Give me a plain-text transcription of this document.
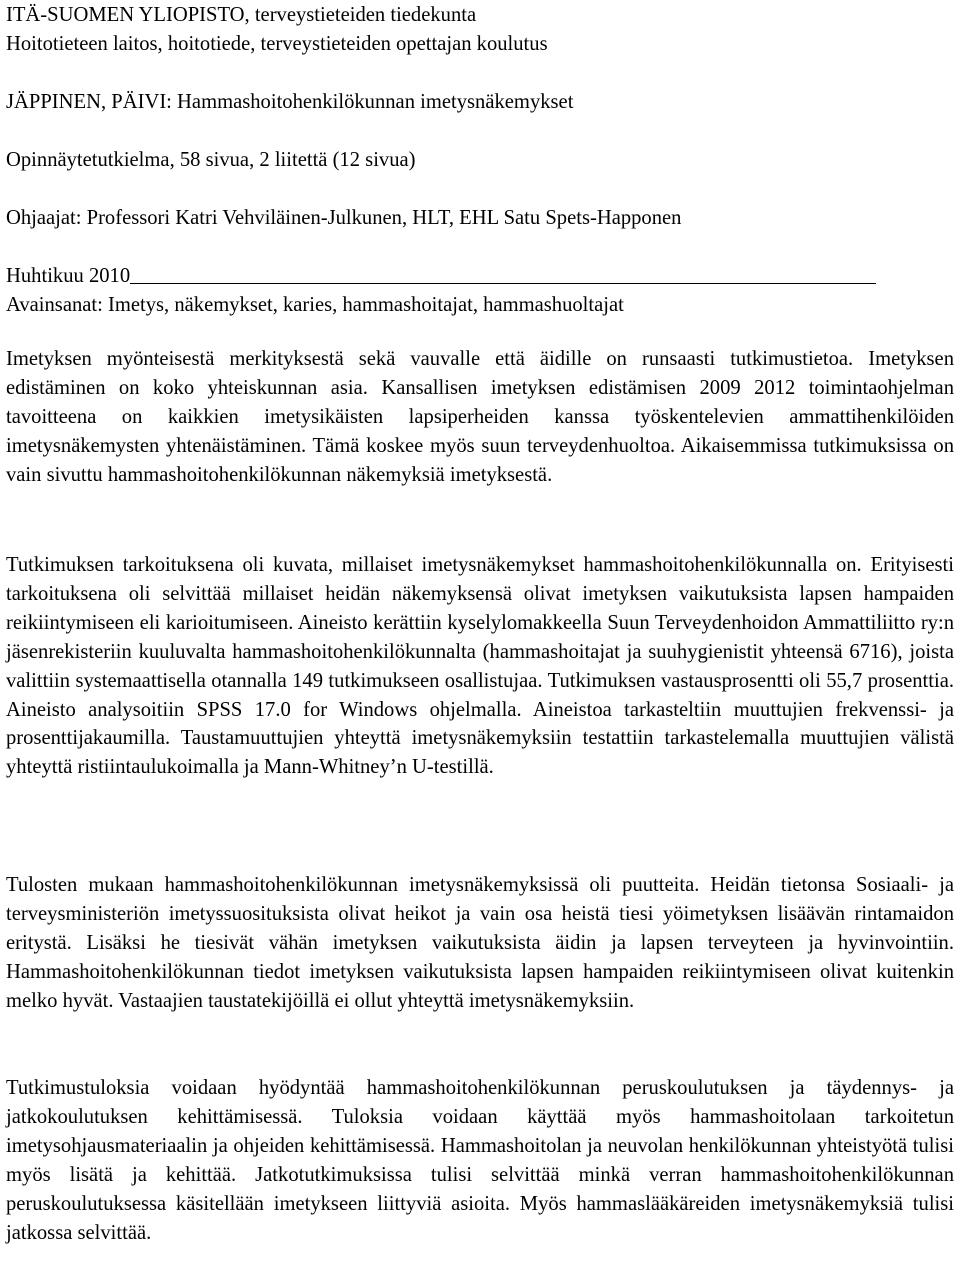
ITÄ-SUOMEN YLIOPISTO, terveystieteiden tiedekunta
Hoitotieteen laitos, hoitotiede, terveystieteiden opettajan koulutus
JÄPPINEN, PÄIVI: Hammashoitohenkilökunnan imetysnäkemykset
Opinnäytetutkielma, 58 sivua, 2 liitettä (12 sivua)
Ohjaajat: Professori Katri Vehviläinen-Julkunen, HLT, EHL Satu Spets-Happonen
Huhtikuu 2010
Avainsanat: Imetys, näkemykset, karies, hammashoitajat, hammashuoltajat
Imetyksen myönteisestä merkityksestä sekä vauvalle että äidille on runsaasti tutkimustietoa. Imetyksen edistäminen on koko yhteiskunnan asia. Kansallisen imetyksen edistämisen 2009 2012 toimintaohjelman tavoitteena on kaikkien imetysikäisten lapsiperheiden kanssa työskentelevien ammattihenkilöiden imetysnäkemysten yhtenäistäminen. Tämä koskee myös suun terveydenhuoltoa. Aikaisemmissa tutkimuksissa on vain sivuttu hammashoitohenkilökunnan näkemyksiä imetyksestä.
Tutkimuksen tarkoituksena oli kuvata, millaiset imetysnäkemykset hammashoitohenkilökunnalla on. Erityisesti tarkoituksena oli selvittää millaiset heidän näkemyksensä olivat imetyksen vaikutuksista lapsen hampaiden reikiintymiseen eli karioitumiseen. Aineisto kerättiin kyselylomakkeella Suun Terveydenhoidon Ammattiliitto ry:n jäsenrekisteriin kuuluvalta hammashoitohenkilökunnalta (hammashoitajat ja suuhygienistit yhteensä 6716), joista valittiin systemaattisella otannalla 149 tutkimukseen osallistujaa. Tutkimuksen vastausprosentti oli 55,7 prosenttia. Aineisto analysoitiin SPSS 17.0 for Windows ohjelmalla. Aineistoa tarkasteltiin muuttujien frekvenssi- ja prosenttijakaumilla. Taustamuuttujien yhteyttä imetysnäkemyksiin testattiin tarkastelemalla muuttujien välistä yhteyttä ristiintaulukoimalla ja Mann-Whitney’n U-testillä.
Tulosten mukaan hammashoitohenkilökunnan imetysnäkemyksissä oli puutteita. Heidän tietonsa Sosiaali- ja terveysministeriön imetyssuosituksista olivat heikot ja vain osa heistä tiesi yöimetyksen lisäävän rintamaidon eritystä. Lisäksi he tiesivät vähän imetyksen vaikutuksista äidin ja lapsen terveyteen ja hyvinvointiin. Hammashoitohenkilökunnan tiedot imetyksen vaikutuksista lapsen hampaiden reikiintymiseen olivat kuitenkin melko hyvät. Vastaajien taustatekijöillä ei ollut yhteyttä imetysnäkemyksiin.
Tutkimustuloksia voidaan hyödyntää hammashoitohenkilökunnan peruskoulutuksen ja täydennys- ja jatkokoulutuksen kehittämisessä. Tuloksia voidaan käyttää myös hammashoitolaan tarkoitetun imetysohjausmateriaalin ja ohjeiden kehittämisessä. Hammashoitolan ja neuvolan henkilökunnan yhteistyötä tulisi myös lisätä ja kehittää. Jatkotutkimuksissa tulisi selvittää minkä verran hammashoitohenkilökunnan peruskoulutuksessa käsitellään imetykseen liittyviä asioita. Myös hammaslääkäreiden imetysnäkemyksiä tulisi jatkossa selvittää.
